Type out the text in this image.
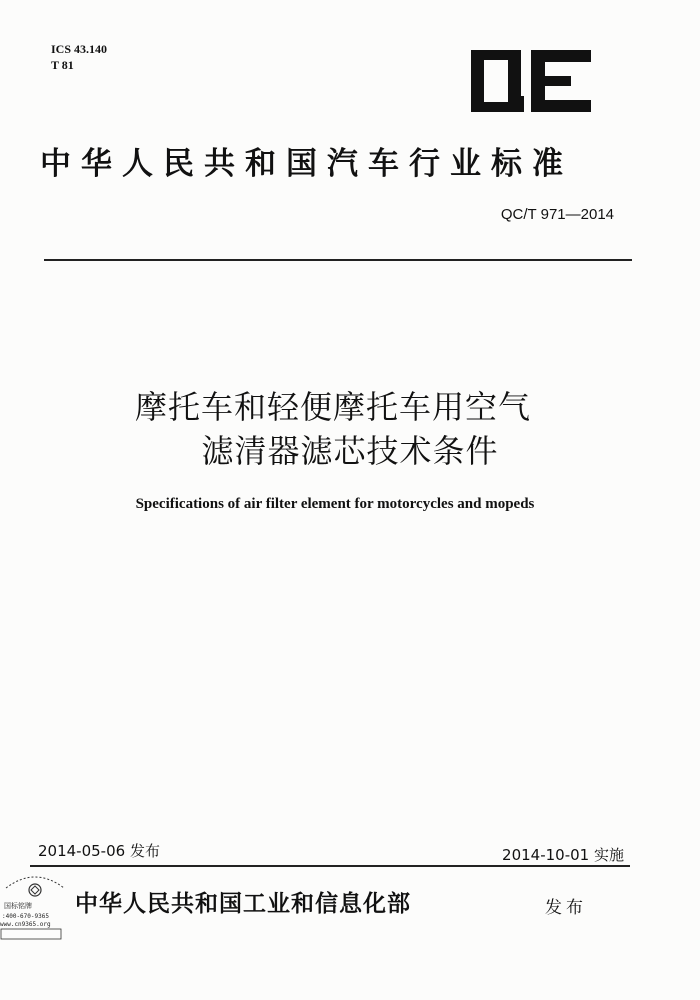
ICS 43.140
T 81
中华人民共和国汽车行业标准
QC/T 971—2014
摩托车和轻便摩托车用空气
滤清器滤芯技术条件
Specifications of air filter element for motorcycles and mopeds
2014-05-06 发布	2014-10-01 实施
中华人民共和国工业和信息化部	发布
国标铭牌
:400-670-9365
www.cn9365.org
